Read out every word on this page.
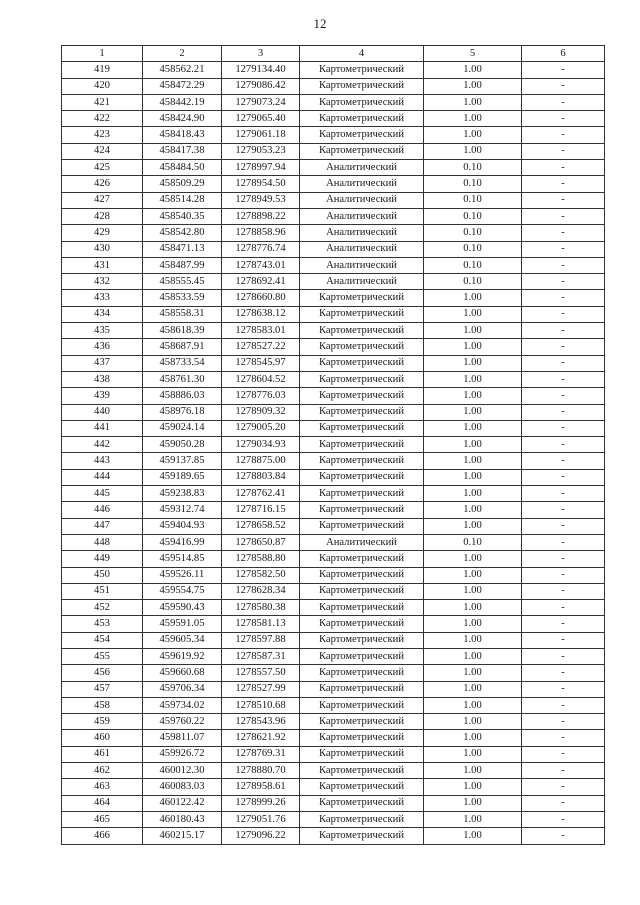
12
1	2	3	4	5	6
419	458562.21	1279134.40	Картометрический	1.00	-
420	458472.29	1279086.42	Картометрический	1.00	-
421	458442.19	1279073.24	Картометрический	1.00	-
422	458424.90	1279065.40	Картометрический	1.00	-
423	458418.43	1279061.18	Картометрический	1.00	-
424	458417.38	1279053.23	Картометрический	1.00	-
425	458484.50	1278997.94	Аналитический	0.10	-
426	458509.29	1278954.50	Аналитический	0.10	-
427	458514.28	1278949.53	Аналитический	0.10	-
428	458540.35	1278898.22	Аналитический	0.10	-
429	458542.80	1278858.96	Аналитический	0.10	-
430	458471.13	1278776.74	Аналитический	0.10	-
431	458487.99	1278743.01	Аналитический	0.10	-
432	458555.45	1278692.41	Аналитический	0.10	-
433	458533.59	1278660.80	Картометрический	1.00	-
434	458558.31	1278638.12	Картометрический	1.00	-
435	458618.39	1278583.01	Картометрический	1.00	-
436	458687.91	1278527.22	Картометрический	1.00	-
437	458733.54	1278545.97	Картометрический	1.00	-
438	458761.30	1278604.52	Картометрический	1.00	-
439	458886.03	1278776.03	Картометрический	1.00	-
440	458976.18	1278909.32	Картометрический	1.00	-
441	459024.14	1279005.20	Картометрический	1.00	-
442	459050.28	1279034.93	Картометрический	1.00	-
443	459137.85	1278875.00	Картометрический	1.00	-
444	459189.65	1278803.84	Картометрический	1.00	-
445	459238.83	1278762.41	Картометрический	1.00	-
446	459312.74	1278716.15	Картометрический	1.00	-
447	459404.93	1278658.52	Картометрический	1.00	-
448	459416.99	1278650.87	Аналитический	0.10	-
449	459514.85	1278588.80	Картометрический	1.00	-
450	459526.11	1278582.50	Картометрический	1.00	-
451	459554.75	1278628.34	Картометрический	1.00	-
452	459590.43	1278580.38	Картометрический	1.00	-
453	459591.05	1278581.13	Картометрический	1.00	-
454	459605.34	1278597.88	Картометрический	1.00	-
455	459619.92	1278587.31	Картометрический	1.00	-
456	459660.68	1278557.50	Картометрический	1.00	-
457	459706.34	1278527.99	Картометрический	1.00	-
458	459734.02	1278510.68	Картометрический	1.00	-
459	459760.22	1278543.96	Картометрический	1.00	-
460	459811.07	1278621.92	Картометрический	1.00	-
461	459926.72	1278769.31	Картометрический	1.00	-
462	460012.30	1278880.70	Картометрический	1.00	-
463	460083.03	1278958.61	Картометрический	1.00	-
464	460122.42	1278999.26	Картометрический	1.00	-
465	460180.43	1279051.76	Картометрический	1.00	-
466	460215.17	1279096.22	Картометрический	1.00	-
